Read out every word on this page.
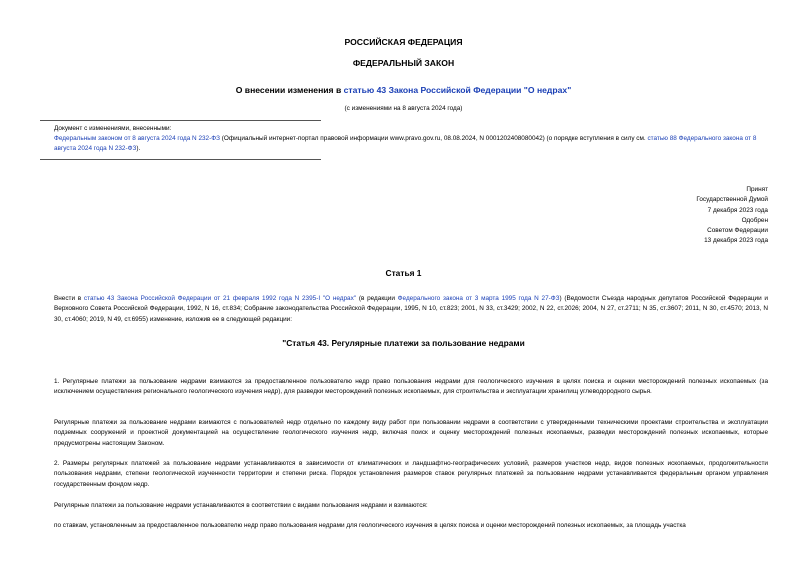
РОССИЙСКАЯ ФЕДЕРАЦИЯ
ФЕДЕРАЛЬНЫЙ ЗАКОН
О внесении изменения в статью 43 Закона Российской Федерации "О недрах"
(с изменениями на 8 августа 2024 года)
Документ с изменениями, внесенными:
Федеральным законом от 8 августа 2024 года N 232-ФЗ (Официальный интернет-портал правовой информации www.pravo.gov.ru, 08.08.2024, N 0001202408080042) (о порядке вступления в силу см. статью 88 Федерального закона от 8 августа 2024 года N 232-ФЗ).
Принят
Государственной Думой
7 декабря 2023 года
Одобрен
Советом Федерации
13 декабря 2023 года
Статья 1
Внести в статью 43 Закона Российской Федерации от 21 февраля 1992 года N 2395-I "О недрах" (в редакции Федерального закона от 3 марта 1995 года N 27-ФЗ) (Ведомости Съезда народных депутатов Российской Федерации и Верховного Совета Российской Федерации, 1992, N 16, ст.834; Собрание законодательства Российской Федерации, 1995, N 10, ст.823; 2001, N 33, ст.3429; 2002, N 22, ст.2026; 2004, N 27, ст.2711; N 35, ст.3607; 2011, N 30, ст.4570; 2013, N 30, ст.4060; 2019, N 49, ст.6955) изменение, изложив ее в следующей редакции:
"Статья 43. Регулярные платежи за пользование недрами
1. Регулярные платежи за пользование недрами взимаются за предоставленное пользователю недр право пользования недрами для геологического изучения в целях поиска и оценки месторождений полезных ископаемых (за исключением осуществления регионального геологического изучения недр), для разведки месторождений полезных ископаемых, для строительства и эксплуатации хранилищ углеводородного сырья.
Регулярные платежи за пользование недрами взимаются с пользователей недр отдельно по каждому виду работ при пользовании недрами в соответствии с утвержденными техническими проектами строительства и эксплуатации подземных сооружений и проектной документацией на осуществление геологического изучения недр, включая поиск и оценку месторождений полезных ископаемых, разведки месторождений полезных ископаемых, которые предусмотрены настоящим Законом.
2. Размеры регулярных платежей за пользование недрами устанавливаются в зависимости от климатических и ландшафтно-географических условий, размеров участков недр, видов полезных ископаемых, продолжительности пользования недрами, степени геологической изученности территории и степени риска. Порядок установления размеров ставок регулярных платежей за пользование недрами устанавливается федеральным органом управления государственным фондом недр.
Регулярные платежи за пользование недрами устанавливаются в соответствии с видами пользования недрами и взимаются:
по ставкам, установленным за предоставленное пользователю недр право пользования недрами для геологического изучения в целях поиска и оценки месторождений полезных ископаемых, за площадь участка
